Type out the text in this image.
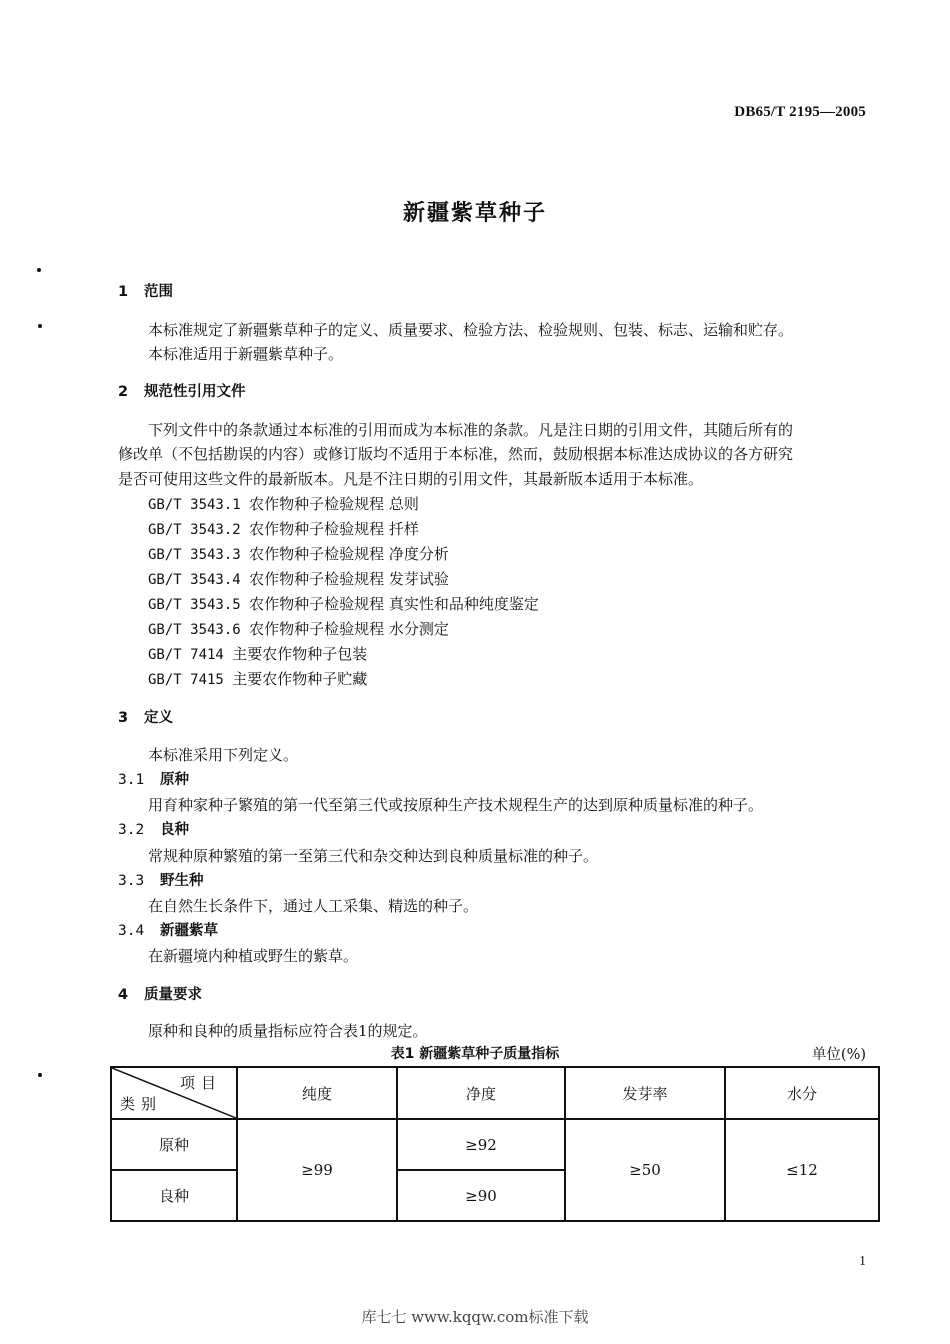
DB65/T 2195—2005
新疆紫草种子
1 范围
本标准规定了新疆紫草种子的定义、质量要求、检验方法、检验规则、包装、标志、运输和贮存。
本标准适用于新疆紫草种子。
2 规范性引用文件
下列文件中的条款通过本标准的引用而成为本标准的条款。凡是注日期的引用文件，其随后所有的
修改单（不包括勘误的内容）或修订版均不适用于本标准，然而，鼓励根据本标准达成协议的各方研究
是否可使用这些文件的最新版本。凡是不注日期的引用文件，其最新版本适用于本标准。
GB/T 3543.1 农作物种子检验规程 总则
GB/T 3543.2 农作物种子检验规程 扦样
GB/T 3543.3 农作物种子检验规程 净度分析
GB/T 3543.4 农作物种子检验规程 发芽试验
GB/T 3543.5 农作物种子检验规程 真实性和品种纯度鉴定
GB/T 3543.6 农作物种子检验规程 水分测定
GB/T 7414 主要农作物种子包装
GB/T 7415 主要农作物种子贮藏
3 定义
本标准采用下列定义。
3.1 原种
用育种家种子繁殖的第一代至第三代或按原种生产技术规程生产的达到原种质量标准的种子。
3.2 良种
常规种原种繁殖的第一至第三代和杂交种达到良种质量标准的种子。
3.3 野生种
在自然生长条件下，通过人工采集、精选的种子。
3.4 新疆紫草
在新疆境内种植或野生的紫草。
4 质量要求
原种和良种的质量指标应符合表1的规定。
表1 新疆紫草种子质量指标	单位(%)
项目
类别	纯度	净度	发芽率	水分
原种	≥99	≥92	≥50	≤12
良种		≥90		
1
库七七 www.kqqw.com标准下载
